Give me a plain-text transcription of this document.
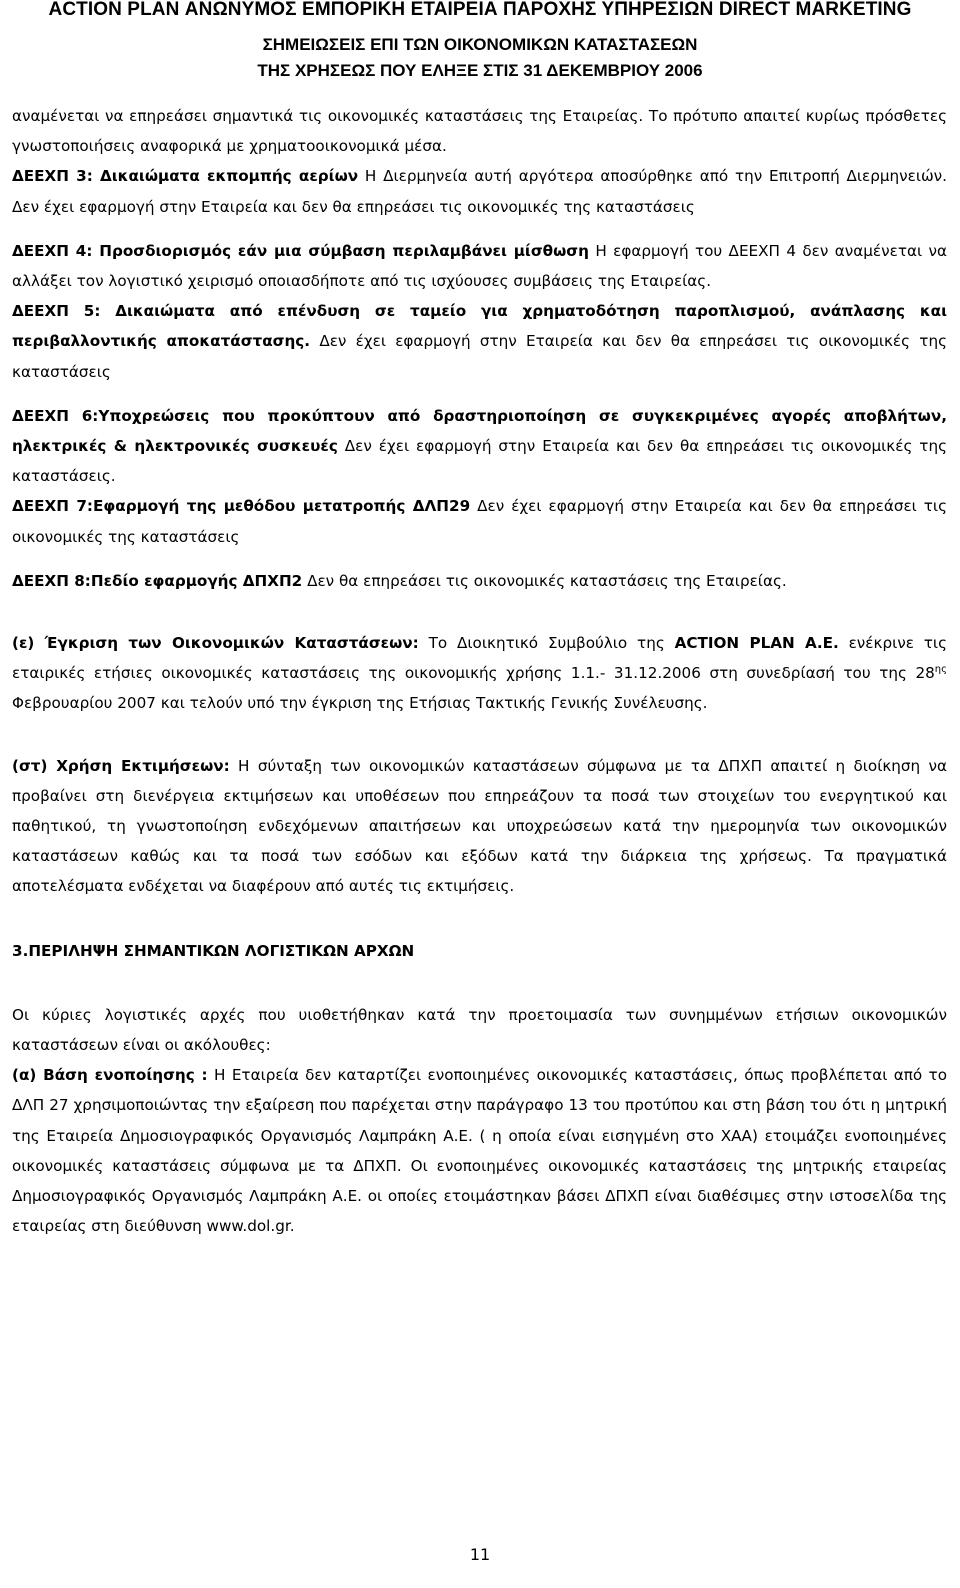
ACTION PLAN ΑΝΩΝΥΜΟΣ ΕΜΠΟΡΙΚΗ ΕΤΑΙΡΕΙΑ ΠΑΡΟΧΗΣ ΥΠΗΡΕΣΙΩΝ DIRECT MARKETING
ΣΗΜΕΙΩΣΕΙΣ ΕΠΙ ΤΩΝ ΟΙΚΟΝΟΜΙΚΩΝ ΚΑΤΑΣΤΑΣΕΩΝ
ΤΗΣ ΧΡΗΣΕΩΣ ΠΟΥ ΕΛΗΞΕ ΣΤΙΣ 31 ΔΕΚΕΜΒΡΙΟΥ 2006

αναμένεται να επηρεάσει σημαντικά τις οικονομικές καταστάσεις της Εταιρείας. Το πρότυπο απαιτεί κυρίως πρόσθετες γνωστοποιήσεις αναφορικά με χρηματοοικονομικά μέσα.

ΔΕΕΧΠ 3: Δικαιώματα εκπομπής αερίων Η Διερμηνεία αυτή αργότερα αποσύρθηκε από την Επιτροπή Διερμηνειών. Δεν έχει εφαρμογή στην Εταιρεία και δεν θα επηρεάσει τις οικονομικές της καταστάσεις

ΔΕΕΧΠ 4: Προσδιορισμός εάν μια σύμβαση περιλαμβάνει μίσθωση Η εφαρμογή του ΔΕΕΧΠ 4 δεν αναμένεται να αλλάξει τον λογιστικό χειρισμό οποιασδήποτε από τις ισχύουσες συμβάσεις της Εταιρείας.

ΔΕΕΧΠ 5: Δικαιώματα από επένδυση σε ταμείο για χρηματοδότηση παροπλισμού, ανάπλασης και περιβαλλοντικής αποκατάστασης. Δεν έχει εφαρμογή στην Εταιρεία και δεν θα επηρεάσει τις οικονομικές της καταστάσεις

ΔΕΕΧΠ 6:Υποχρεώσεις που προκύπτουν από δραστηριοποίηση σε συγκεκριμένες αγορές αποβλήτων, ηλεκτρικές & ηλεκτρονικές συσκευές Δεν έχει εφαρμογή στην Εταιρεία και δεν θα επηρεάσει τις οικονομικές της καταστάσεις.

ΔΕΕΧΠ 7:Εφαρμογή της μεθόδου μετατροπής ΔΛΠ29 Δεν έχει εφαρμογή στην Εταιρεία και δεν θα επηρεάσει τις οικονομικές της καταστάσεις

ΔΕΕΧΠ 8:Πεδίο εφαρμογής ΔΠΧΠ2 Δεν θα επηρεάσει τις οικονομικές καταστάσεις της Εταιρείας.

(ε) Έγκριση των Οικονομικών Καταστάσεων: Το Διοικητικό Συμβούλιο της ACTION PLAN Α.Ε. ενέκρινε τις εταιρικές ετήσιες οικονομικές καταστάσεις της οικονομικής χρήσης 1.1.- 31.12.2006 στη συνεδρίασή του της $28^{\eta\varsigma}$ Φεβρουαρίου 2007 και τελούν υπό την έγκριση της Ετήσιας Τακτικής Γενικής Συνέλευσης.

(στ) Χρήση Εκτιμήσεων: Η σύνταξη των οικονομικών καταστάσεων σύμφωνα με τα ΔΠΧΠ απαιτεί η διοίκηση να προβαίνει στη διενέργεια εκτιμήσεων και υποθέσεων που επηρεάζουν τα ποσά των στοιχείων του ενεργητικού και παθητικού, τη γνωστοποίηση ενδεχόμενων απαιτήσεων και υποχρεώσεων κατά την ημερομηνία των οικονομικών καταστάσεων καθώς και τα ποσά των εσόδων και εξόδων κατά την διάρκεια της χρήσεως. Τα πραγματικά αποτελέσματα ενδέχεται να διαφέρουν από αυτές τις εκτιμήσεις.

3.ΠΕΡΙΛΗΨΗ ΣΗΜΑΝΤΙΚΩΝ ΛΟΓΙΣΤΙΚΩΝ ΑΡΧΩΝ

Οι κύριες λογιστικές αρχές που υιοθετήθηκαν κατά την προετοιμασία των συνημμένων ετήσιων οικονομικών καταστάσεων είναι οι ακόλουθες:

(α) Βάση ενοποίησης : Η Εταιρεία δεν καταρτίζει ενοποιημένες οικονομικές καταστάσεις, όπως προβλέπεται από το ΔΛΠ 27 χρησιμοποιώντας την εξαίρεση που παρέχεται στην παράγραφο 13 του προτύπου και στη βάση του ότι η μητρική της Εταιρεία Δημοσιογραφικός Οργανισμός Λαμπράκη Α.Ε. ( η οποία είναι εισηγμένη στο ΧΑΑ) ετοιμάζει ενοποιημένες οικονομικές καταστάσεις σύμφωνα με τα ΔΠΧΠ. Οι ενοποιημένες οικονομικές καταστάσεις της μητρικής εταιρείας Δημοσιογραφικός Οργανισμός Λαμπράκη Α.Ε. οι οποίες ετοιμάστηκαν βάσει ΔΠΧΠ είναι διαθέσιμες στην ιστοσελίδα της εταιρείας στη διεύθυνση www.dol.gr.

11
